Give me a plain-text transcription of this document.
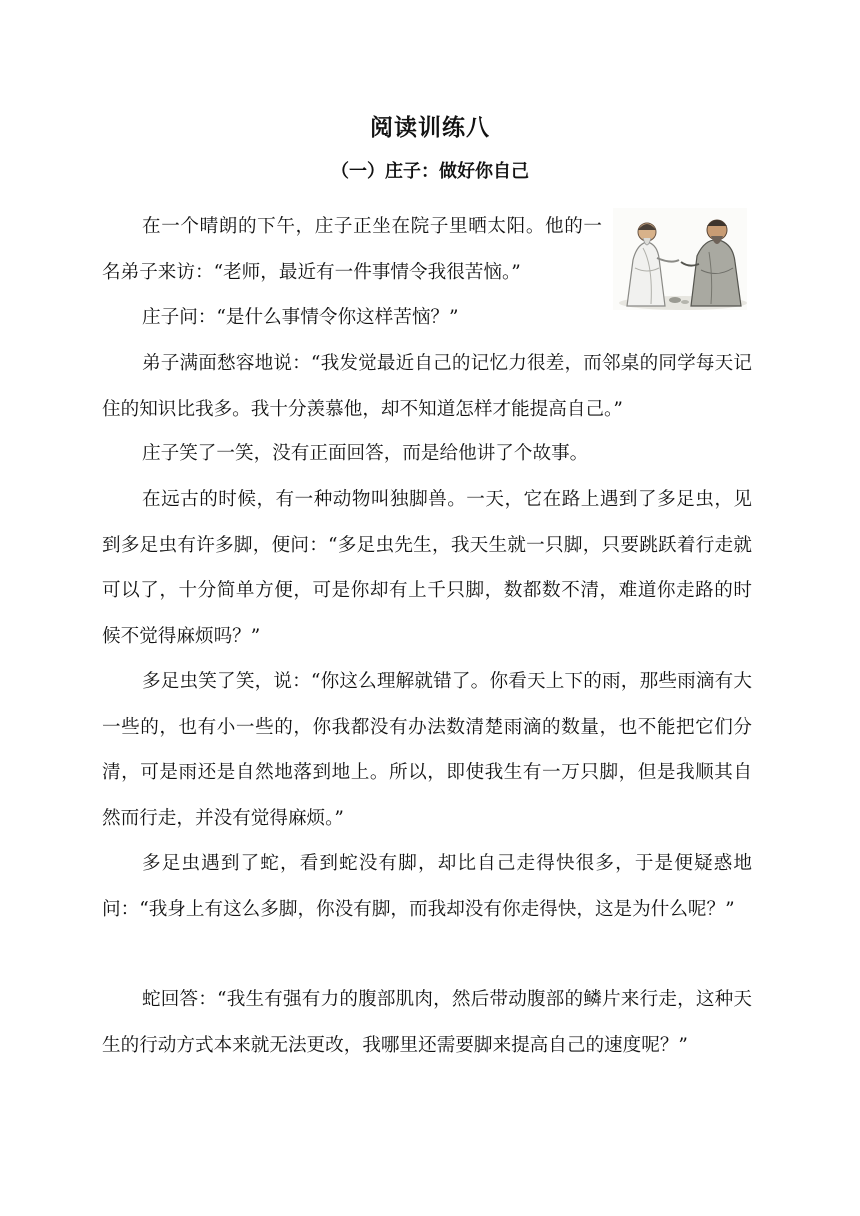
阅读训练八
（一）庄子：做好你自己

在一个晴朗的下午，庄子正坐在院子里晒太阳。他的一名弟子来访：“老师，最近有一件事情令我很苦恼。”

庄子问：“是什么事情令你这样苦恼？”

弟子满面愁容地说：“我发觉最近自己的记忆力很差，而邻桌的同学每天记住的知识比我多。我十分羡慕他，却不知道怎样才能提高自己。”

庄子笑了一笑，没有正面回答，而是给他讲了个故事。

在远古的时候，有一种动物叫独脚兽。一天，它在路上遇到了多足虫，见到多足虫有许多脚，便问：“多足虫先生，我天生就一只脚，只要跳跃着行走就可以了，十分简单方便，可是你却有上千只脚，数都数不清，难道你走路的时候不觉得麻烦吗？”

多足虫笑了笑，说：“你这么理解就错了。你看天上下的雨，那些雨滴有大一些的，也有小一些的，你我都没有办法数清楚雨滴的数量，也不能把它们分清，可是雨还是自然地落到地上。所以，即使我生有一万只脚，但是我顺其自然而行走，并没有觉得麻烦。”

多足虫遇到了蛇，看到蛇没有脚，却比自己走得快很多，于是便疑惑地问：“我身上有这么多脚，你没有脚，而我却没有你走得快，这是为什么呢？”

蛇回答：“我生有强有力的腹部肌肉，然后带动腹部的鳞片来行走，这种天生的行动方式本来就无法更改，我哪里还需要脚来提高自己的速度呢？”
